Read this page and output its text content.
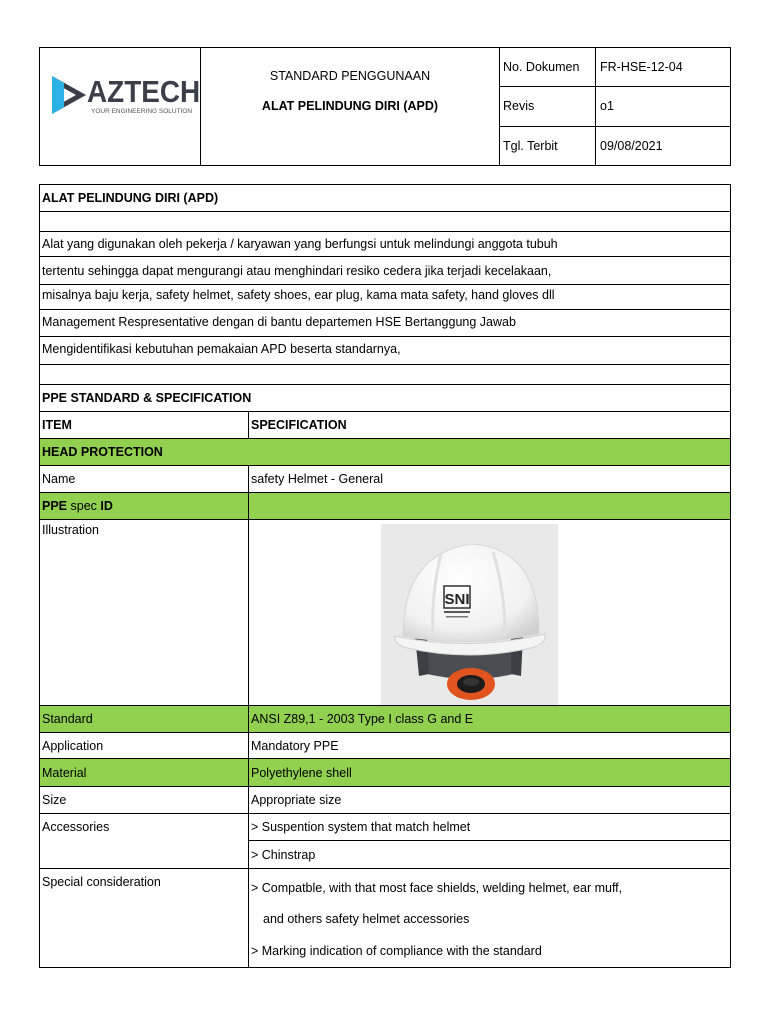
AZTECH
YOUR ENGINEERING SOLUTION
STANDARD PENGGUNAAN
ALAT PELINDUNG DIRI (APD)
No. Dokumen FR-HSE-12-04
Revis	o1
Tgl. Terbit	09/08/2021
ALAT PELINDUNG DIRI (APD)
Alat yang digunakan oleh pekerja / karyawan yang berfungsi untuk melindungi anggota tubuh
tertentu sehingga dapat mengurangi atau menghindari resiko cedera jika terjadi kecelakaan,
misalnya baju kerja, safety helmet, safety shoes, ear plug, kama mata safety, hand gloves dll
Management Respresentative dengan di bantu departemen HSE Bertanggung Jawab
Mengidentifikasi kebutuhan pemakaian APD beserta standarnya,
PPE STANDARD & SPECIFICATION
ITEM	SPECIFICATION
HEAD PROTECTION
Name	safety Helmet - General
PPE spec ID
Illustration
SNI
Standard	ANSI Z89,1 - 2003 Type I class G and E
Application	Mandatory PPE
Material	Polyethylene shell
Size	Appropriate size
Accessories	> Suspention system that match helmet
> Chinstrap
Special consideration	> Compatble, with that most face shields, welding helmet, ear muff,
and others safety helmet accessories
> Marking indication of compliance with the standard
